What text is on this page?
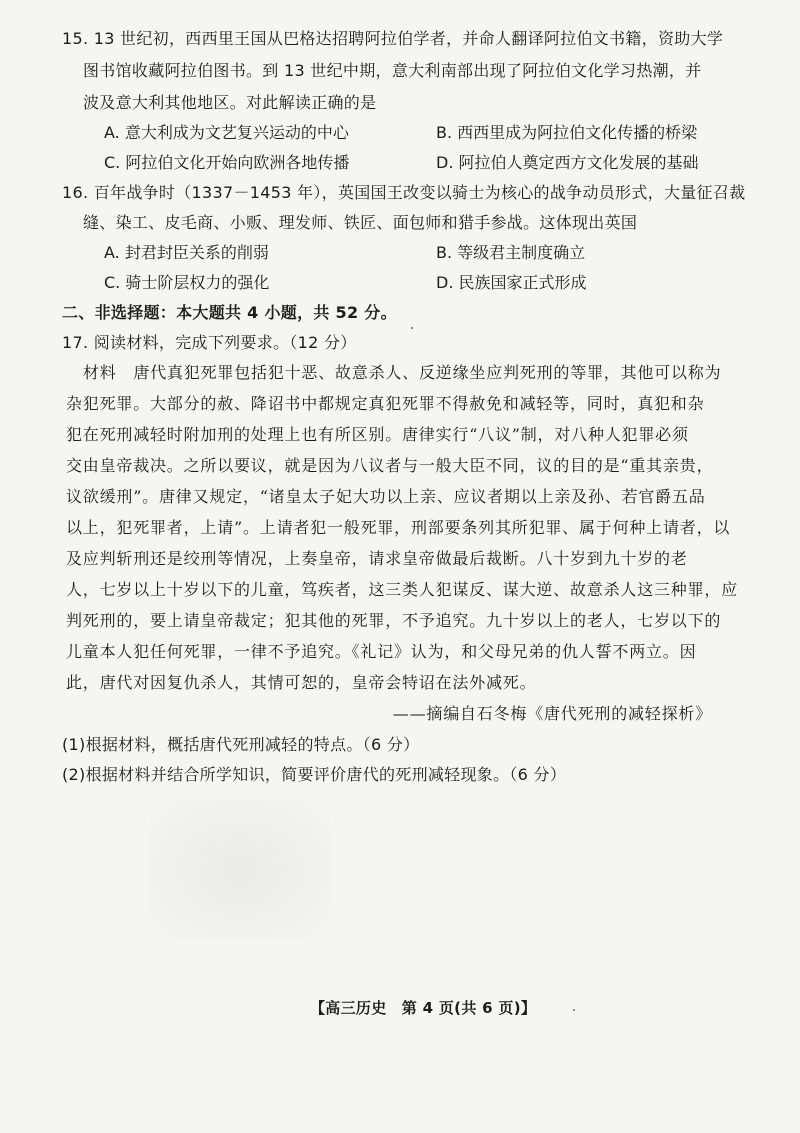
15. 13 世纪初，西西里王国从巴格达招聘阿拉伯学者，并命人翻译阿拉伯文书籍，资助大学
图书馆收藏阿拉伯图书。到 13 世纪中期，意大利南部出现了阿拉伯文化学习热潮，并
波及意大利其他地区。对此解读正确的是
A. 意大利成为文艺复兴运动的中心	B. 西西里成为阿拉伯文化传播的桥梁
C. 阿拉伯文化开始向欧洲各地传播	D. 阿拉伯人奠定西方文化发展的基础
16. 百年战争时（1337－1453 年），英国国王改变以骑士为核心的战争动员形式，大量征召裁
缝、染工、皮毛商、小贩、理发师、铁匠、面包师和猎手参战。这体现出英国
A. 封君封臣关系的削弱	B. 等级君主制度确立
C. 骑士阶层权力的强化	D. 民族国家正式形成
二、非选择题：本大题共 4 小题，共 52 分。
17. 阅读材料，完成下列要求。（12 分）
材料　唐代真犯死罪包括犯十恶、故意杀人、反逆缘坐应判死刑的等罪，其他可以称为
杂犯死罪。大部分的赦、降诏书中都规定真犯死罪不得赦免和减轻等，同时，真犯和杂
犯在死刑减轻时附加刑的处理上也有所区别。唐律实行“八议”制，对八种人犯罪必须
交由皇帝裁决。之所以要议，就是因为八议者与一般大臣不同，议的目的是“重其亲贵，
议欲缓刑”。唐律又规定，“诸皇太子妃大功以上亲、应议者期以上亲及孙、若官爵五品
以上，犯死罪者，上请”。上请者犯一般死罪，刑部要条列其所犯罪、属于何种上请者，以
及应判斩刑还是绞刑等情况，上奏皇帝，请求皇帝做最后裁断。八十岁到九十岁的老
人，七岁以上十岁以下的儿童，笃疾者，这三类人犯谋反、谋大逆、故意杀人这三种罪，应
判死刑的，要上请皇帝裁定；犯其他的死罪，不予追究。九十岁以上的老人，七岁以下的
儿童本人犯任何死罪，一律不予追究。《礼记》认为，和父母兄弟的仇人誓不两立。因
此，唐代对因复仇杀人，其情可恕的，皇帝会特诏在法外减死。
——摘编自石冬梅《唐代死刑的减轻探析》
(1)根据材料，概括唐代死刑减轻的特点。（6 分）
(2)根据材料并结合所学知识，简要评价唐代的死刑减轻现象。（6 分）
【高三历史　第 4 页(共 6 页)】
